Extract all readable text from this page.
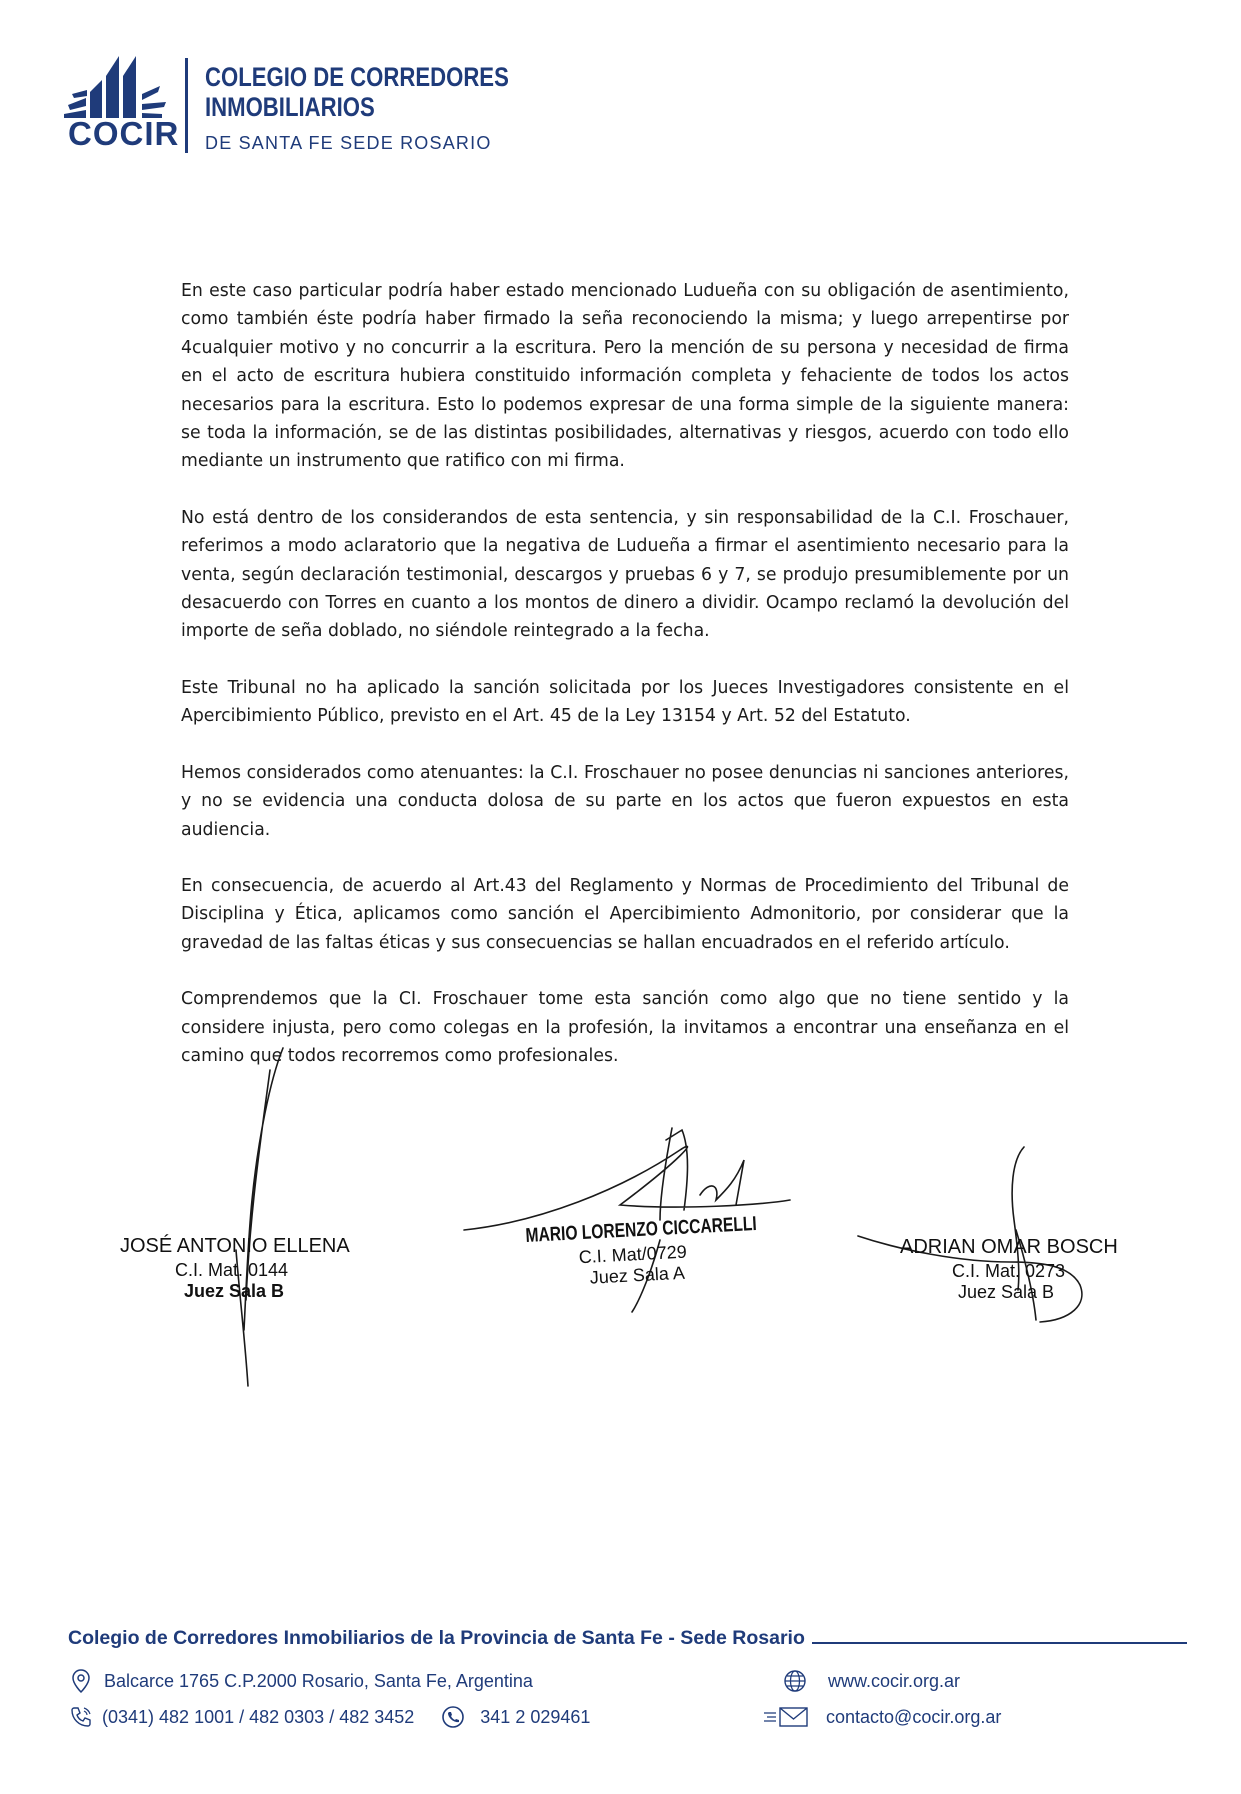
COCIR
COLEGIO DE CORREDORES
INMOBILIARIOS
DE SANTA FE SEDE ROSARIO

En este caso particular podría haber estado mencionado Ludueña con su obligación de asentimiento, como también éste podría haber firmado la seña reconociendo la misma; y luego arrepentirse por 4cualquier motivo y no concurrir a la escritura. Pero la mención de su persona y necesidad de firma en el acto de escritura hubiera constituido información completa y fehaciente de todos los actos necesarios para la escritura. Esto lo podemos expresar de una forma simple de la siguiente manera: se toda la información, se de las distintas posibilidades, alternativas y riesgos, acuerdo con todo ello mediante un instrumento que ratifico con mi firma.

No está dentro de los considerandos de esta sentencia, y sin responsabilidad de la C.I. Froschauer, referimos a modo aclaratorio que la negativa de Ludueña a firmar el asentimiento necesario para la venta, según declaración testimonial, descargos y pruebas 6 y 7, se produjo presumiblemente por un desacuerdo con Torres en cuanto a los montos de dinero a dividir. Ocampo reclamó la devolución del importe de seña doblado, no siéndole reintegrado a la fecha.

Este Tribunal no ha aplicado la sanción solicitada por los Jueces Investigadores consistente en el Apercibimiento Público, previsto en el Art. 45 de la Ley 13154 y Art. 52 del Estatuto.

Hemos considerados como atenuantes: la C.I. Froschauer no posee denuncias ni sanciones anteriores, y no se evidencia una conducta dolosa de su parte en los actos que fueron expuestos en esta audiencia.

En consecuencia, de acuerdo al Art.43 del Reglamento y Normas de Procedimiento del Tribunal de Disciplina y Ética, aplicamos como sanción el Apercibimiento Admonitorio, por considerar que la gravedad de las faltas éticas y sus consecuencias se hallan encuadrados en el referido artículo.

Comprendemos que la CI. Froschauer tome esta sanción como algo que no tiene sentido y la considere injusta, pero como colegas en la profesión, la invitamos a encontrar una enseñanza en el camino que todos recorremos como profesionales.

JOSÉ ANTONIO ELLENA
C.I. Mat. 0144
Juez Sala B
MARIO LORENZO CICCARELLI
C.I. Mat/0729
Juez Sala A
ADRIAN OMAR BOSCH
C.I. Mat. 0273
Juez Sala B
Colegio de Corredores Inmobiliarios de la Provincia de Santa Fe - Sede Rosario
Balcarce 1765 C.P.2000 Rosario, Santa Fe, Argentina
(0341) 482 1001 / 482 0303 / 482 3452	341 2 029461
www.cocir.org.ar
contacto@cocir.org.ar
